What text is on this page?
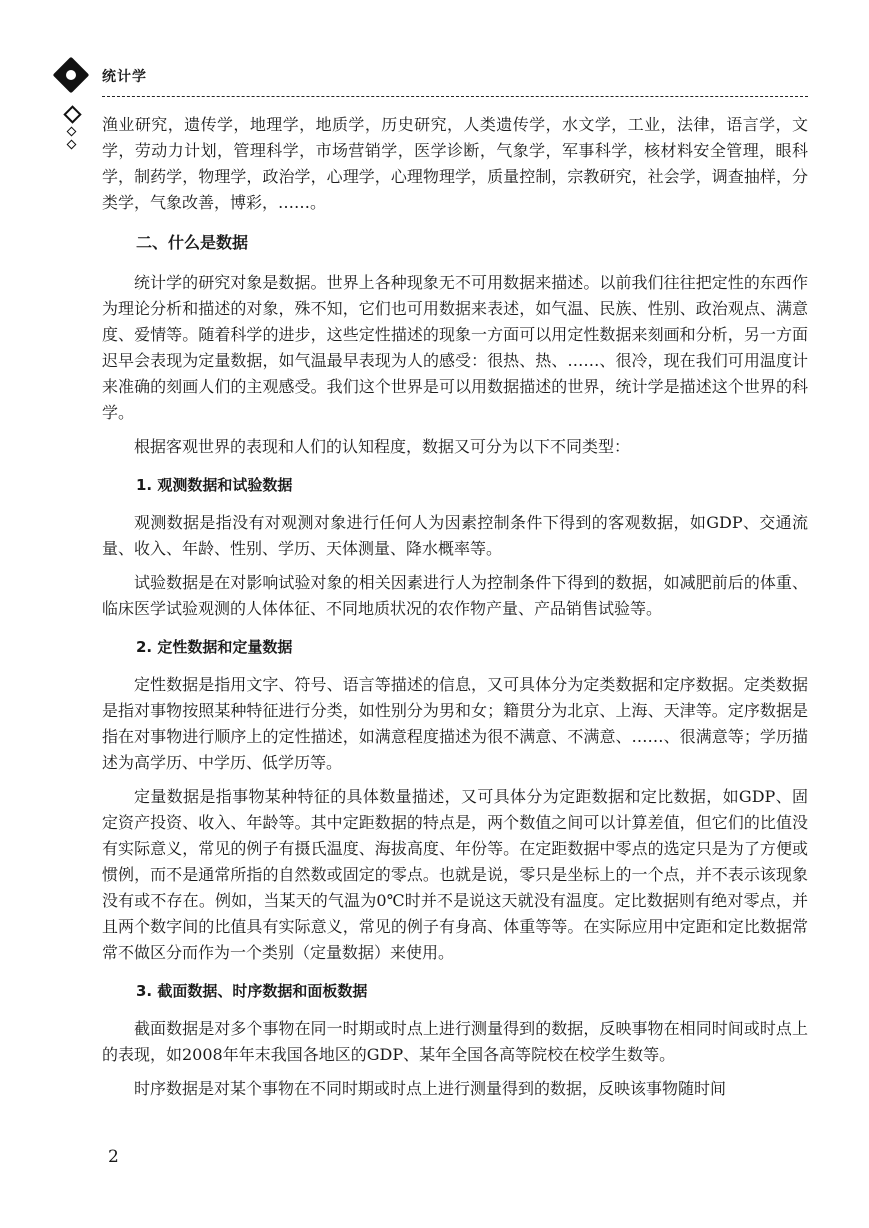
统计学

渔业研究，遗传学，地理学，地质学，历史研究，人类遗传学，水文学，工业，法律，语言学，文学，劳动力计划，管理科学，市场营销学，医学诊断，气象学，军事科学，核材料安全管理，眼科学，制药学，物理学，政治学，心理学，心理物理学，质量控制，宗教研究，社会学，调查抽样，分类学，气象改善，博彩，……。

二、什么是数据

统计学的研究对象是数据。世界上各种现象无不可用数据来描述。以前我们往往把定性的东西作为理论分析和描述的对象，殊不知，它们也可用数据来表述，如气温、民族、性别、政治观点、满意度、爱情等。随着科学的进步，这些定性描述的现象一方面可以用定性数据来刻画和分析，另一方面迟早会表现为定量数据，如气温最早表现为人的感受：很热、热、……、很冷，现在我们可用温度计来准确的刻画人们的主观感受。我们这个世界是可以用数据描述的世界，统计学是描述这个世界的科学。

根据客观世界的表现和人们的认知程度，数据又可分为以下不同类型：

1. 观测数据和试验数据

观测数据是指没有对观测对象进行任何人为因素控制条件下得到的客观数据，如GDP、交通流量、收入、年龄、性别、学历、天体测量、降水概率等。

试验数据是在对影响试验对象的相关因素进行人为控制条件下得到的数据，如减肥前后的体重、临床医学试验观测的人体体征、不同地质状况的农作物产量、产品销售试验等。

2. 定性数据和定量数据

定性数据是指用文字、符号、语言等描述的信息，又可具体分为定类数据和定序数据。定类数据是指对事物按照某种特征进行分类，如性别分为男和女；籍贯分为北京、上海、天津等。定序数据是指在对事物进行顺序上的定性描述，如满意程度描述为很不满意、不满意、……、很满意等；学历描述为高学历、中学历、低学历等。

定量数据是指事物某种特征的具体数量描述，又可具体分为定距数据和定比数据，如GDP、固定资产投资、收入、年龄等。其中定距数据的特点是，两个数值之间可以计算差值，但它们的比值没有实际意义，常见的例子有摄氏温度、海拔高度、年份等。在定距数据中零点的选定只是为了方便或惯例，而不是通常所指的自然数或固定的零点。也就是说，零只是坐标上的一个点，并不表示该现象没有或不存在。例如，当某天的气温为0℃时并不是说这天就没有温度。定比数据则有绝对零点，并且两个数字间的比值具有实际意义，常见的例子有身高、体重等等。在实际应用中定距和定比数据常常不做区分而作为一个类别（定量数据）来使用。

3. 截面数据、时序数据和面板数据

截面数据是对多个事物在同一时期或时点上进行测量得到的数据，反映事物在相同时间或时点上的表现，如2008年年末我国各地区的GDP、某年全国各高等院校在校学生数等。

时序数据是对某个事物在不同时期或时点上进行测量得到的数据，反映该事物随时间

2
